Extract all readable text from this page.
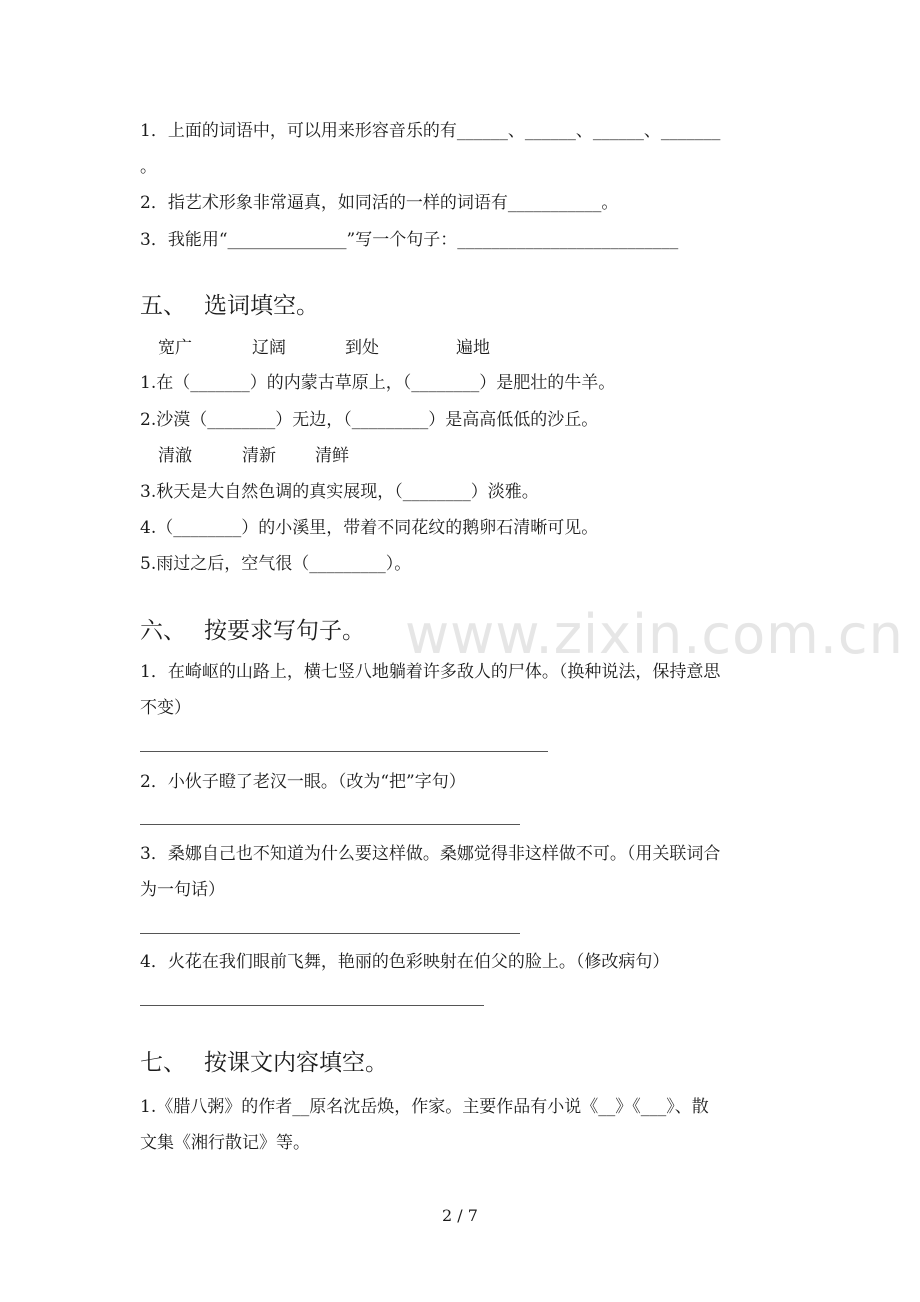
www.zixin.com.cn
1．上面的词语中，可以用来形容音乐的有______、______、______、_______
。
2．指艺术形象非常逼真，如同活的一样的词语有___________。
3．我能用“______________”写一个句子：__________________________
五、 选词填空。
宽广	辽阔	到处	遍地
1.在（_______）的内蒙古草原上，（________）是肥壮的牛羊。
2.沙漠（________）无边，（_________）是高高低低的沙丘。
清澈	清新 清鲜
3.秋天是大自然色调的真实展现，（________）淡雅。
4.（________）的小溪里，带着不同花纹的鹅卵石清晰可见。
5.雨过之后，空气很（_________）。
六、 按要求写句子。
1．在崎岖的山路上，横七竖八地躺着许多敌人的尸体。（换种说法，保持意思
不变）
2．小伙子瞪了老汉一眼。（改为“把”字句）
3．桑娜自己也不知道为什么要这样做。桑娜觉得非这样做不可。（用关联词合
为一句话）
4．火花在我们眼前飞舞，艳丽的色彩映射在伯父的脸上。（修改病句）
七、 按课文内容填空。
1.《腊八粥》的作者__原名沈岳焕，作家。主要作品有小说《__》《___》、散
文集《湘行散记》等。
2 / 7
